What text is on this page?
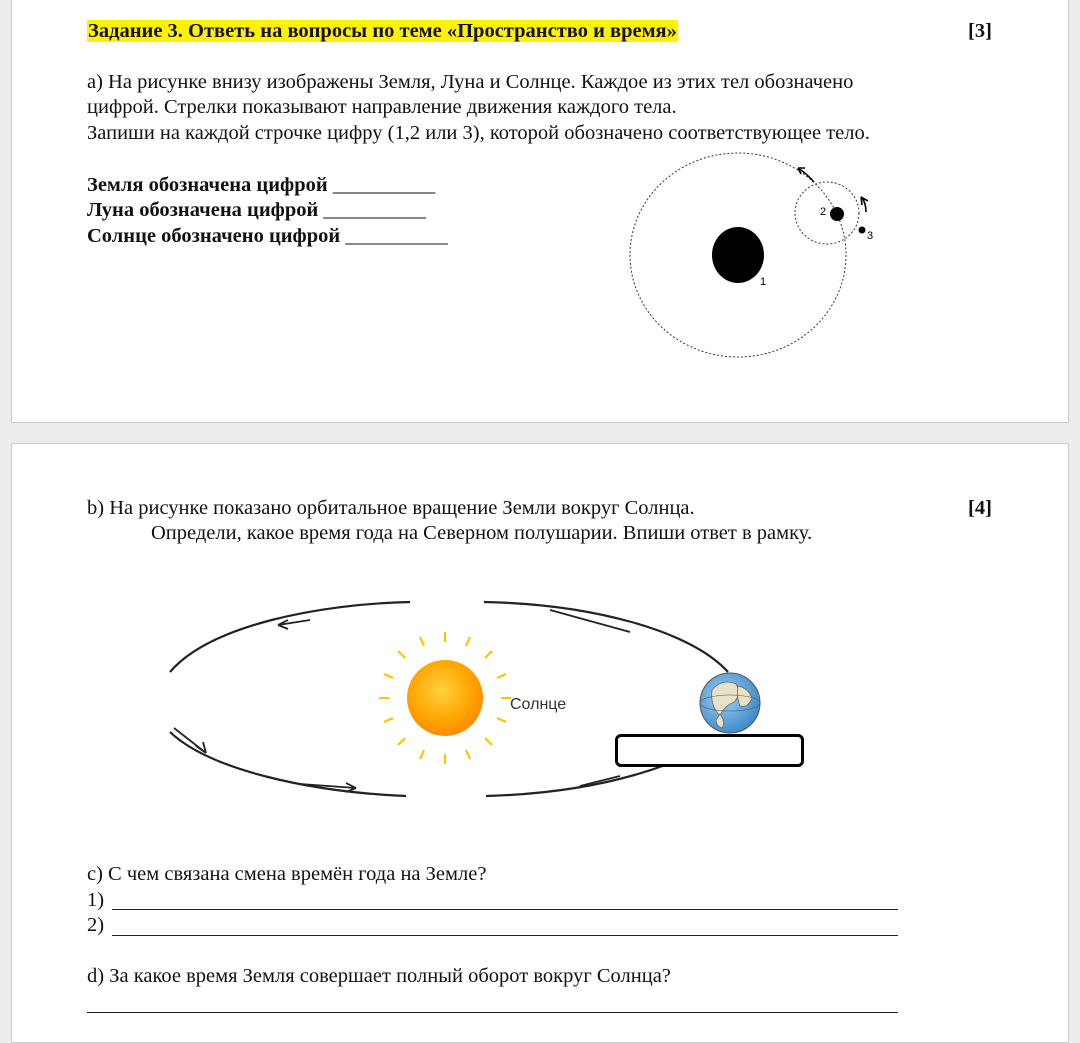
Задание 3. Ответь на вопросы по теме «Пространство и время»	[3]
а) На рисунке внизу изображены Земля, Луна и Солнце. Каждое из этих тел обозначено
цифрой. Стрелки показывают направление движения каждого тела.
Запиши на каждой строчке цифру (1,2 или 3), которой обозначено соответствующее тело.
Земля обозначена цифрой __________
Луна обозначена цифрой __________
Солнце обозначено цифрой __________
1
2
3
b) На рисунке показано орбитальное вращение Земли вокруг Солнца.	[4]
Определи, какое время года на Северном полушарии. Впиши ответ в рамку.
Солнце
с) С чем связана смена времён года на Земле?
1)
2)
d) За какое время Земля совершает полный оборот вокруг Солнца?
